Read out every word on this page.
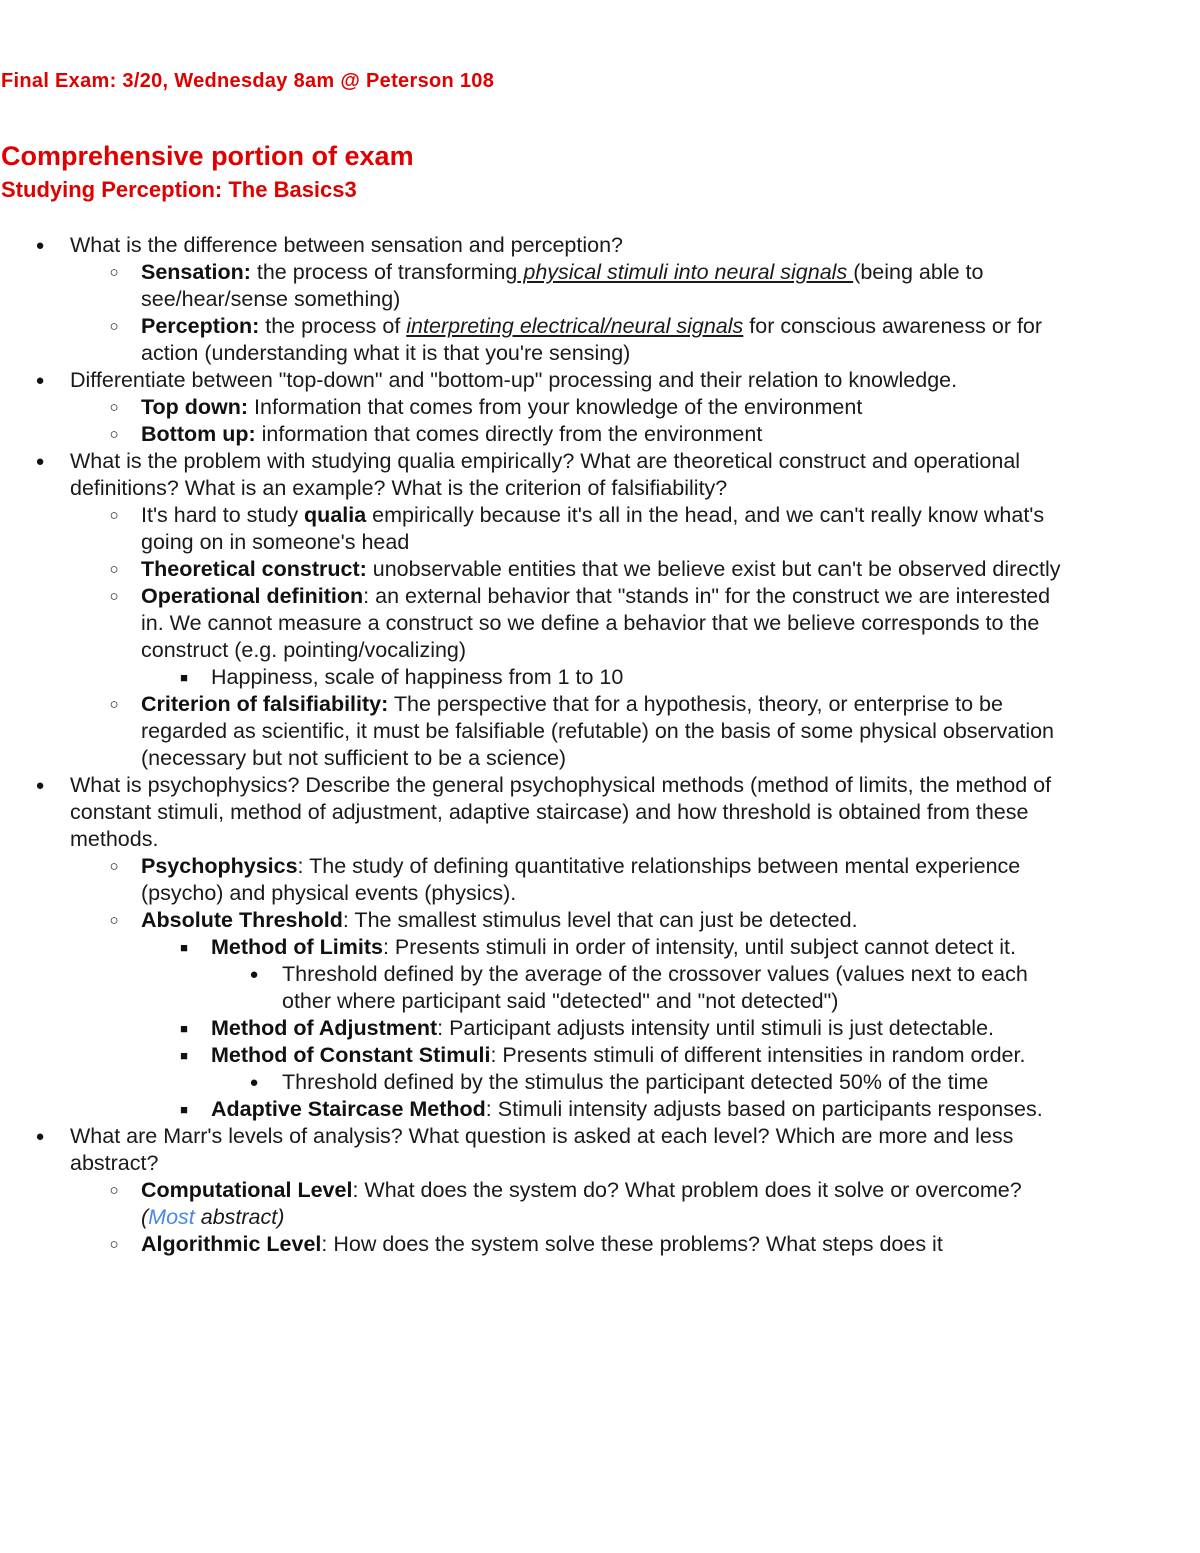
Final Exam: 3/20, Wednesday 8am @ Peterson 108
Comprehensive portion of exam
Studying Perception: The Basics3
● What is the difference between sensation and perception?
○ Sensation: the process of transforming physical stimuli into neural signals (being able to see/hear/sense something)
○ Perception: the process of interpreting electrical/neural signals for conscious awareness or for action (understanding what it is that you're sensing)
● Differentiate between "top-down" and "bottom-up" processing and their relation to knowledge.
○ Top down: Information that comes from your knowledge of the environment
○ Bottom up: information that comes directly from the environment
● What is the problem with studying qualia empirically? What are theoretical construct and operational definitions? What is an example? What is the criterion of falsifiability?
○ It's hard to study qualia empirically because it's all in the head, and we can't really know what's going on in someone's head
○ Theoretical construct: unobservable entities that we believe exist but can't be observed directly
○ Operational definition: an external behavior that "stands in" for the construct we are interested in. We cannot measure a construct so we define a behavior that we believe corresponds to the construct (e.g. pointing/vocalizing)
■ Happiness, scale of happiness from 1 to 10
○ Criterion of falsifiability: The perspective that for a hypothesis, theory, or enterprise to be regarded as scientific, it must be falsifiable (refutable) on the basis of some physical observation (necessary but not sufficient to be a science)
● What is psychophysics? Describe the general psychophysical methods (method of limits, the method of constant stimuli, method of adjustment, adaptive staircase) and how threshold is obtained from these methods.
○ Psychophysics: The study of defining quantitative relationships between mental experience (psycho) and physical events (physics).
○ Absolute Threshold: The smallest stimulus level that can just be detected.
■ Method of Limits: Presents stimuli in order of intensity, until subject cannot detect it.
● Threshold defined by the average of the crossover values (values next to each other where participant said "detected" and "not detected")
■ Method of Adjustment: Participant adjusts intensity until stimuli is just detectable.
■ Method of Constant Stimuli: Presents stimuli of different intensities in random order.
● Threshold defined by the stimulus the participant detected 50% of the time
■ Adaptive Staircase Method: Stimuli intensity adjusts based on participants responses.
● What are Marr's levels of analysis? What question is asked at each level? Which are more and less abstract?
○ Computational Level: What does the system do? What problem does it solve or overcome? (Most abstract)
○ Algorithmic Level: How does the system solve these problems? What steps does it
